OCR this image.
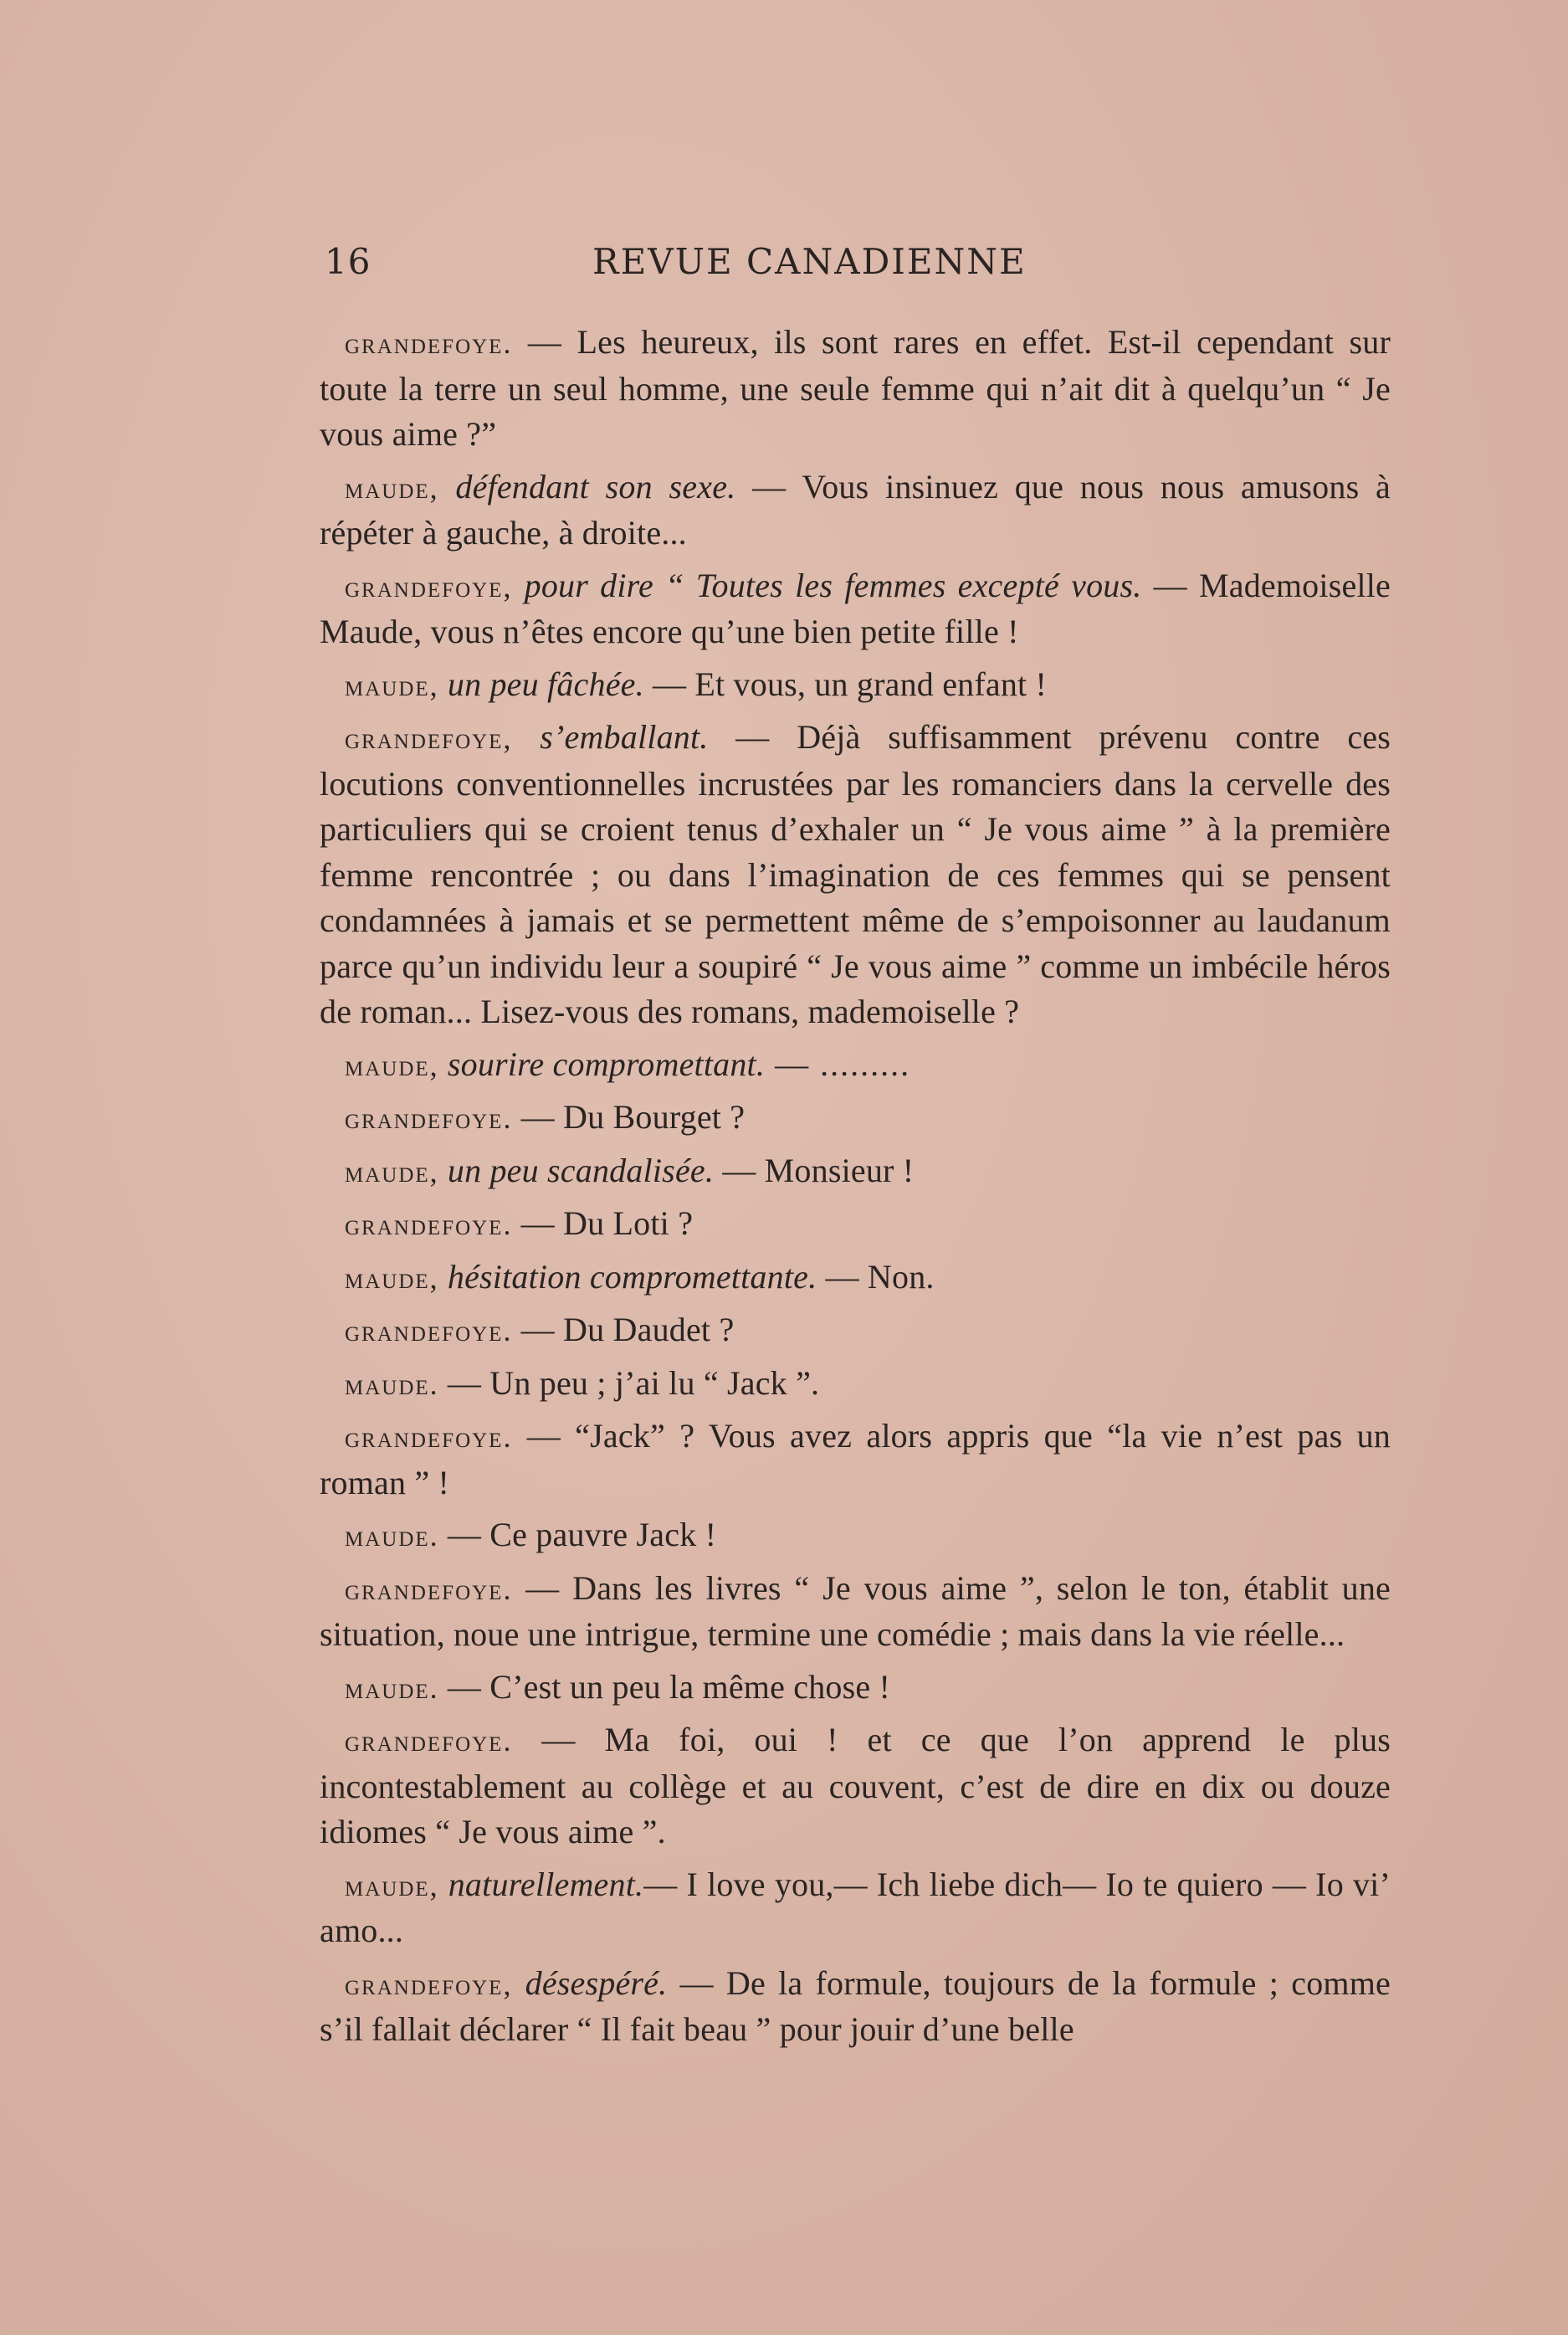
16	REVUE CANADIENNE

grandefoye. — Les heureux, ils sont rares en effet. Est-il cependant sur toute la terre un seul homme, une seule femme qui n’ait dit à quelqu’un “ Je vous aime ?”

maude, défendant son sexe. — Vous insinuez que nous nous amusons à répéter à gauche, à droite...

grandefoye, pour dire “ Toutes les femmes excepté vous. — Mademoiselle Maude, vous n’êtes encore qu’une bien petite fille !

maude, un peu fâchée. — Et vous, un grand enfant !

grandefoye, s’emballant. — Déjà suffisamment prévenu contre ces locutions conventionnelles incrustées par les romanciers dans la cervelle des particuliers qui se croient tenus d’exhaler un “ Je vous aime ” à la première femme rencontrée ; ou dans l’imagination de ces femmes qui se pensent condamnées à jamais et se permettent même de s’empoisonner au laudanum parce qu’un individu leur a soupiré “ Je vous aime ” comme un imbécile héros de roman... Lisez-vous des romans, mademoiselle ?

maude, sourire compromettant. — .........

grandefoye. — Du Bourget ?

maude, un peu scandalisée. — Monsieur !

grandefoye. — Du Loti ?

maude, hésitation compromettante. — Non.

grandefoye. — Du Daudet ?

maude. — Un peu ; j’ai lu “ Jack ”.

grandefoye. — “Jack” ? Vous avez alors appris que “la vie n’est pas un roman ” !

maude. — Ce pauvre Jack !

grandefoye. — Dans les livres “ Je vous aime ”, selon le ton, établit une situation, noue une intrigue, termine une comédie ; mais dans la vie réelle...

maude. — C’est un peu la même chose !

grandefoye. — Ma foi, oui ! et ce que l’on apprend le plus incontestablement au collège et au couvent, c’est de dire en dix ou douze idiomes “ Je vous aime ”.

maude, naturellement.— I love you,— Ich liebe dich— Io te quiero — Io vi’ amo...

grandefoye, désespéré. — De la formule, toujours de la formule ; comme s’il fallait déclarer “ Il fait beau ” pour jouir d’une belle
